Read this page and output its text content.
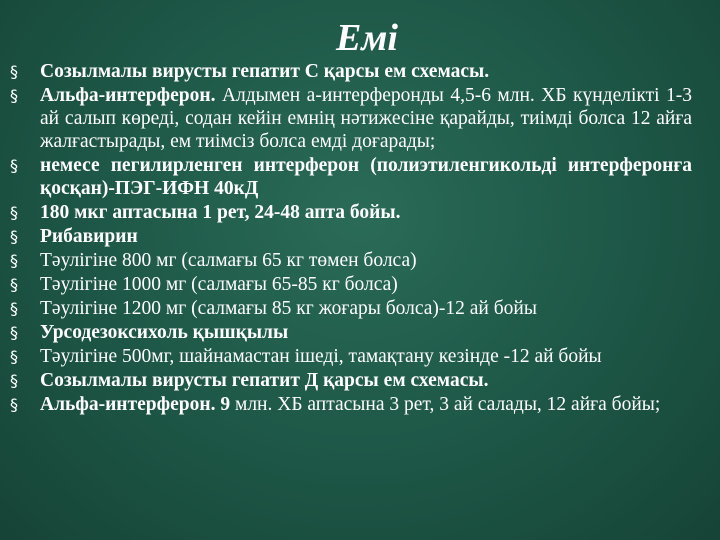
Емі
§	Созылмалы вирусты гепатит С қарсы ем схемасы.
§	Альфа-интерферон. Алдымен а-интерферонды 4,5-6 млн. ХБ күнделікті 1-3 ай салып көреді, содан кейін емнің нәтижесіне қарайды, тиімді болса 12 айға жалғастырады, ем тиімсіз болса емді доғарады;
§	немесе пегилирленген интерферон (полиэтиленгикольді интерферонға қосқан)-ПЭГ-ИФН 40кД
§	180 мкг аптасына 1 рет, 24-48 апта бойы.
§	Рибавирин
§	Тәулігіне 800 мг (салмағы 65 кг төмен болса)
§	Тәулігіне 1000 мг (салмағы 65-85 кг болса)
§	Тәулігіне 1200 мг (салмағы 85 кг жоғары болса)-12 ай бойы
§	Урсодезоксихоль қышқылы
§	Тәулігіне 500мг, шайнамастан ішеді, тамақтану кезінде -12 ай бойы
§	Созылмалы вирусты гепатит Д қарсы ем схемасы.
§	Альфа-интерферон. 9 млн. ХБ аптасына 3 рет, 3 ай салады, 12 айға бойы;
